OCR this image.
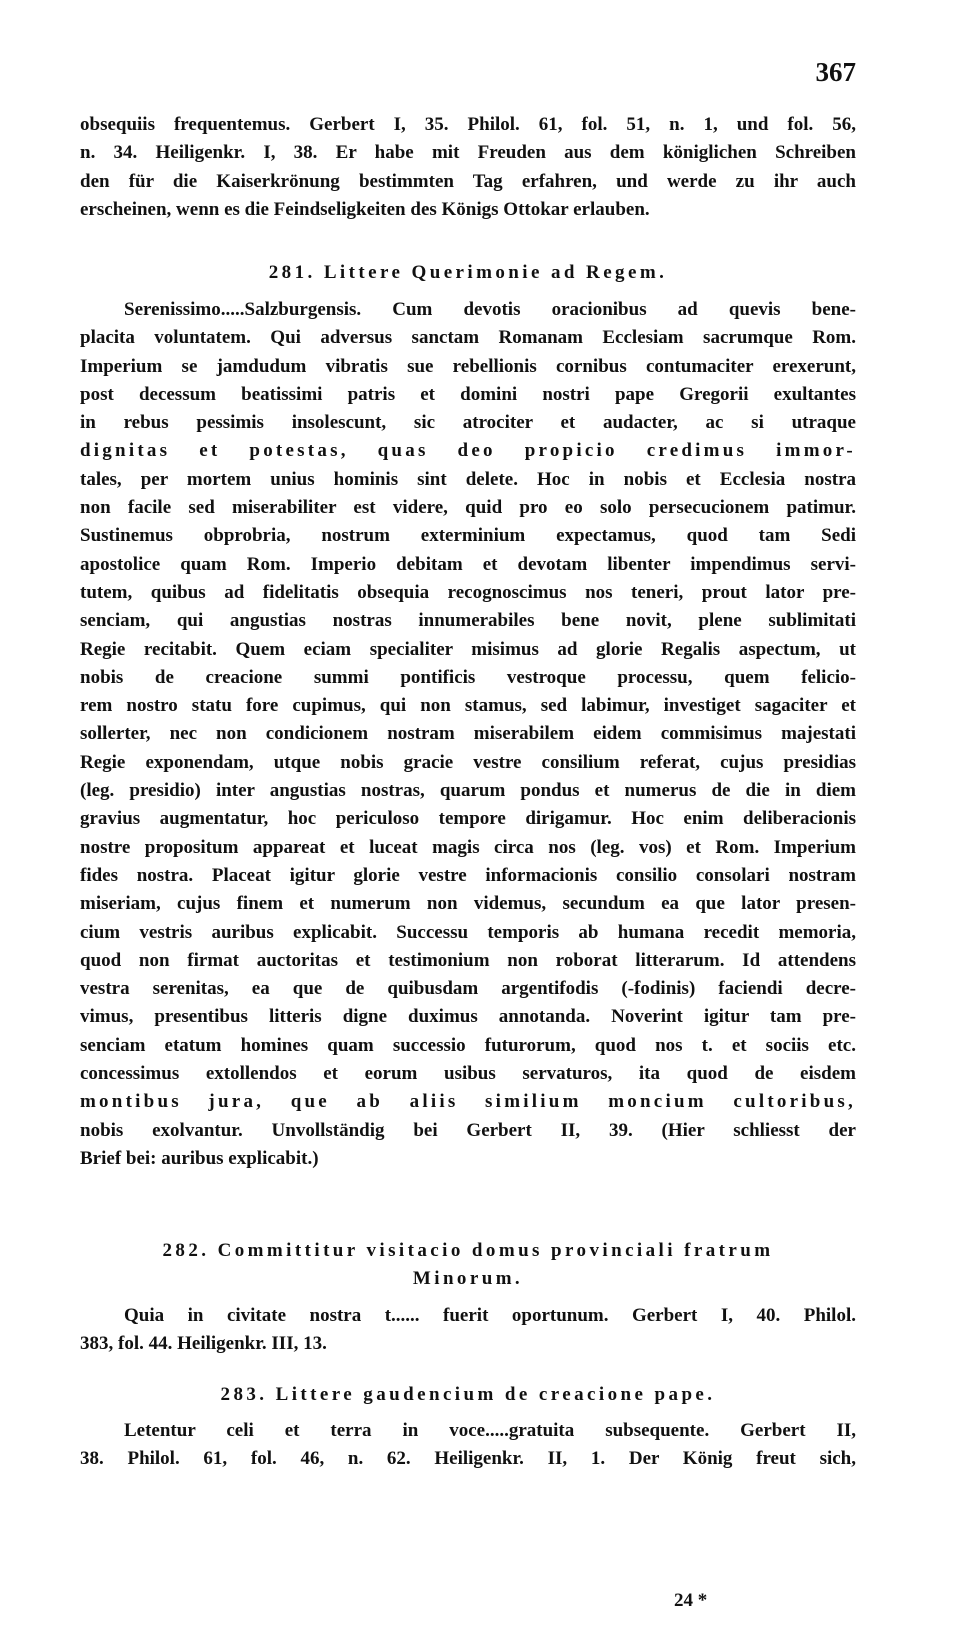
367
obsequiis frequentemus. Gerbert I, 35. Philol. 61, fol. 51, n. 1, und fol. 56,
n. 34. Heiligenkr. I, 38. Er habe mit Freuden aus dem königlichen Schreiben
den für die Kaiserkrönung bestimmten Tag erfahren, und werde zu ihr auch
erscheinen, wenn es die Feindseligkeiten des Königs Ottokar erlauben.
281. Littere Querimonie ad Regem.
Serenissimo.....Salzburgensis. Cum devotis oracionibus ad quevis bene-
placita voluntatem. Qui adversus sanctam Romanam Ecclesiam sacrumque Rom.
Imperium se jamdudum vibratis sue rebellionis cornibus contumaciter erexerunt,
post decessum beatissimi patris et domini nostri pape Gregorii exultantes
in rebus pessimis insolescunt, sic atrociter et audacter, ac si utraque
dignitas et potestas, quas deo propicio credimus immor-
tales, per mortem unius hominis sint delete. Hoc in nobis et Ecclesia nostra
non facile sed miserabiliter est videre, quid pro eo solo persecucionem patimur.
Sustinemus obprobria, nostrum exterminium expectamus, quod tam Sedi
apostolice quam Rom. Imperio debitam et devotam libenter impendimus servi-
tutem, quibus ad fidelitatis obsequia recognoscimus nos teneri, prout lator pre-
senciam, qui angustias nostras innumerabiles bene novit, plene sublimitati
Regie recitabit. Quem eciam specialiter misimus ad glorie Regalis aspectum, ut
nobis de creacione summi pontificis vestroque processu, quem felicio-
rem nostro statu fore cupimus, qui non stamus, sed labimur, investiget sagaciter et
sollerter, nec non condicionem nostram miserabilem eidem commisimus majestati
Regie exponendam, utque nobis gracie vestre consilium referat, cujus presidias
(leg. presidio) inter angustias nostras, quarum pondus et numerus de die in diem
gravius augmentatur, hoc periculoso tempore dirigamur. Hoc enim deliberacionis
nostre propositum appareat et luceat magis circa nos (leg. vos) et Rom. Imperium
fides nostra. Placeat igitur glorie vestre informacionis consilio consolari nostram
miseriam, cujus finem et numerum non videmus, secundum ea que lator presen-
cium vestris auribus explicabit. Successu temporis ab humana recedit memoria,
quod non firmat auctoritas et testimonium non roborat litterarum. Id attendens
vestra serenitas, ea que de quibusdam argentifodis (-fodinis) faciendi decre-
vimus, presentibus litteris digne duximus annotanda. Noverint igitur tam pre-
senciam etatum homines quam successio futurorum, quod nos t. et sociis etc.
concessimus extollendos et eorum usibus servaturos, ita quod de eisdem
montibus jura, que ab aliis similium moncium cultoribus,
nobis exolvantur. Unvollständig bei Gerbert II, 39. (Hier schliesst der
Brief bei: auribus explicabit.)
282. Committitur visitacio domus provinciali fratrum
Minorum.
Quia in civitate nostra t...... fuerit oportunum. Gerbert I, 40. Philol.
383, fol. 44. Heiligenkr. III, 13.
283. Littere gaudencium de creacione pape.
Letentur celi et terra in voce.....gratuita subsequente. Gerbert II,
38. Philol. 61, fol. 46, n. 62. Heiligenkr. II, 1. Der König freut sich,
24 *
